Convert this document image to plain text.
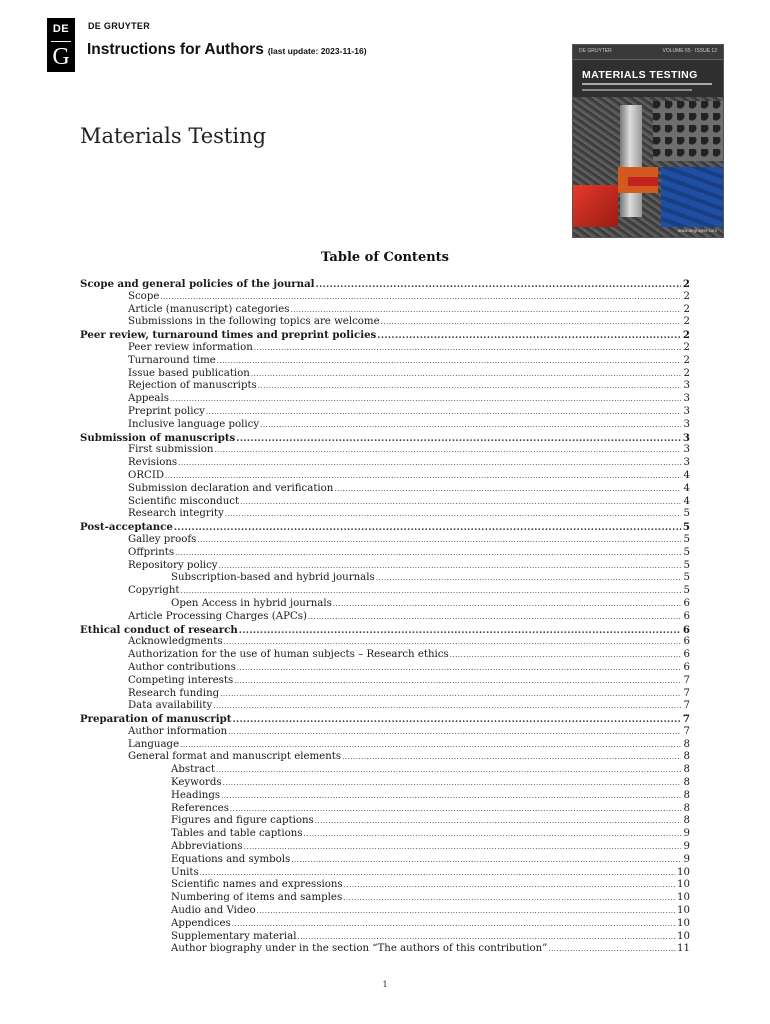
DE
G
DE GRUYTER
Instructions for Authors (last update: 2023-11-16)
Materials Testing
DE GRUYTER	VOLUME 65 · ISSUE 12
MATERIALS TESTING
www.degruyter.com
Table of Contents
Scope and general policies of the journal .....	2
Scope .....	2
Article (manuscript) categories .....	2
Submissions in the following topics are welcome .....	2
Peer review, turnaround times and preprint policies .....	2
Peer review information .....	2
Turnaround time .....	2
Issue based publication .....	2
Rejection of manuscripts .....	3
Appeals .....	3
Preprint policy .....	3
Inclusive language policy .....	3
Submission of manuscripts .....	3
First submission .....	3
Revisions .....	3
ORCID .....	4
Submission declaration and verification .....	4
Scientific misconduct .....	4
Research integrity .....	5
Post-acceptance .....	5
Galley proofs .....	5
Offprints .....	5
Repository policy .....	5
Subscription-based and hybrid journals .....	5
Copyright .....	5
Open Access in hybrid journals .....	6
Article Processing Charges (APCs) .....	6
Ethical conduct of research .....	6
Acknowledgments .....	6
Authorization for the use of human subjects – Research ethics .....	6
Author contributions .....	6
Competing interests .....	7
Research funding .....	7
Data availability .....	7
Preparation of manuscript .....	7
Author information .....	7
Language .....	8
General format and manuscript elements .....	8
Abstract .....	8
Keywords .....	8
Headings .....	8
References .....	8
Figures and figure captions .....	8
Tables and table captions .....	9
Abbreviations .....	9
Equations and symbols .....	9
Units .....	10
Scientific names and expressions .....	10
Numbering of items and samples .....	10
Audio and Video .....	10
Appendices .....	10
Supplementary material .....	10
Author biography under in the section “The authors of this contribution” .....	11
1
